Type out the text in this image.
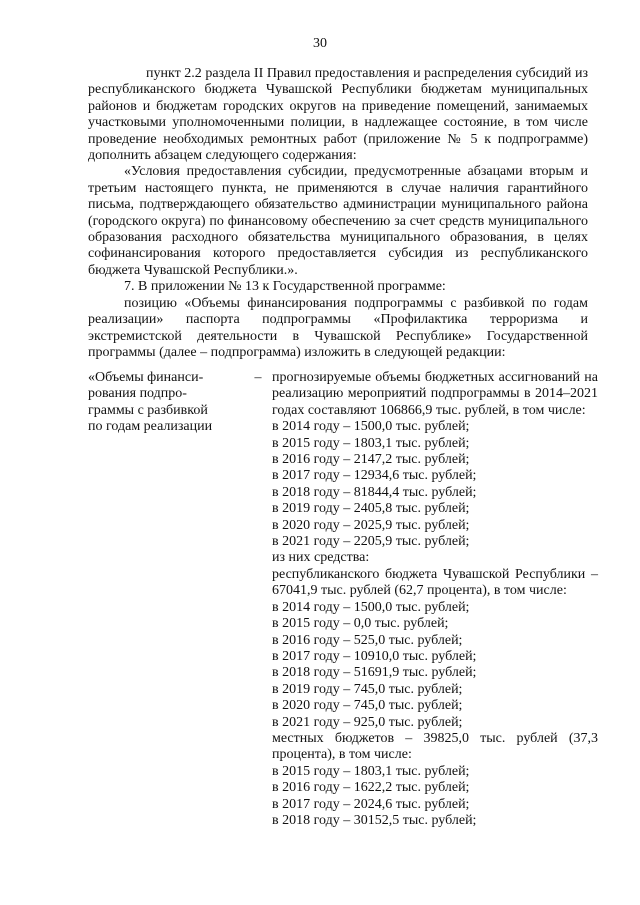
30

пункт 2.2 раздела II Правил предоставления и распределения субсидий из республиканского бюджета Чувашской Республики бюджетам муниципальных районов и бюджетам городских округов на приведение помещений, занимаемых участковыми уполномоченными полиции, в надлежащее состояние, в том числе проведение необходимых ремонтных работ (приложение № 5 к подпрограмме) дополнить абзацем следующего содержания:

«Условия предоставления субсидии, предусмотренные абзацами вторым и третьим настоящего пункта, не применяются в случае наличия гарантийного письма, подтверждающего обязательство администрации муниципального района (городского округа) по финансовому обеспечению за счет средств муниципального образования расходного обязательства муниципального образования, в целях софинансирования которого предоставляется субсидия из республиканского бюджета Чувашской Республики.».

7. В приложении № 13 к Государственной программе:

позицию «Объемы финансирования подпрограммы с разбивкой по годам реализации» паспорта подпрограммы «Профилактика терроризма и экстремистской деятельности в Чувашской Республике» Государственной программы (далее – подпрограмма) изложить в следующей редакции:

«Объемы финанси-
рования подпро-
граммы с разбивкой
по годам реализации
– прогнозируемые объемы бюджетных ассигнований на реализацию мероприятий подпрограммы в 2014–2021 годах составляют 106866,9 тыс. рублей, в том числе:
в 2014 году – 1500,0 тыс. рублей;
в 2015 году – 1803,1 тыс. рублей;
в 2016 году – 2147,2 тыс. рублей;
в 2017 году – 12934,6 тыс. рублей;
в 2018 году – 81844,4 тыс. рублей;
в 2019 году – 2405,8 тыс. рублей;
в 2020 году – 2025,9 тыс. рублей;
в 2021 году – 2205,9 тыс. рублей;
из них средства:
республиканского бюджета Чувашской Республики – 67041,9 тыс. рублей (62,7 процента), в том числе:
в 2014 году – 1500,0 тыс. рублей;
в 2015 году – 0,0 тыс. рублей;
в 2016 году – 525,0 тыс. рублей;
в 2017 году – 10910,0 тыс. рублей;
в 2018 году – 51691,9 тыс. рублей;
в 2019 году – 745,0 тыс. рублей;
в 2020 году – 745,0 тыс. рублей;
в 2021 году – 925,0 тыс. рублей;
местных бюджетов – 39825,0 тыс. рублей (37,3 процента), в том числе:
в 2015 году – 1803,1 тыс. рублей;
в 2016 году – 1622,2 тыс. рублей;
в 2017 году – 2024,6 тыс. рублей;
в 2018 году – 30152,5 тыс. рублей;
